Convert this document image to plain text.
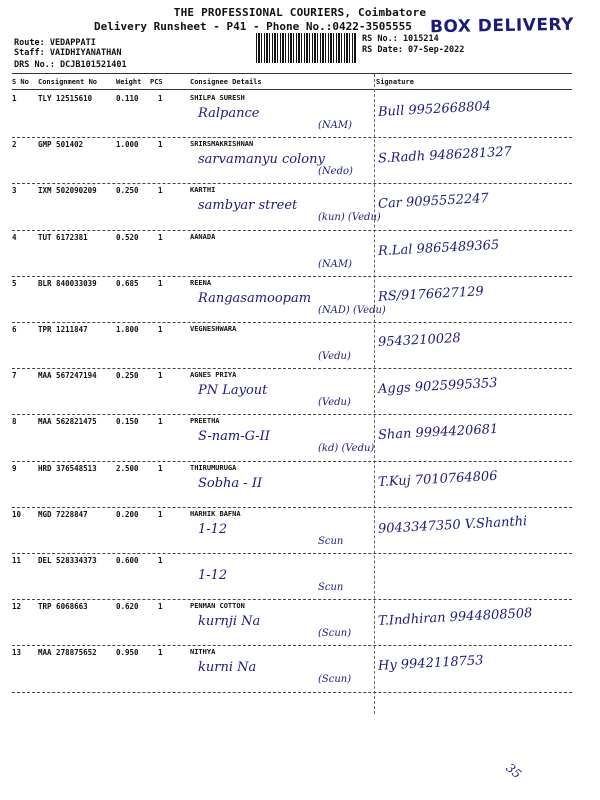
THE PROFESSIONAL COURIERS, Coimbatore
Delivery Runsheet - P41 - Phone No.:0422-3505555 BOX DELIVERY
Route: VEDAPPATI
Staff: VAIDHIYANATHAN
DRS No.: DCJB101521401
RS No.: 1015214
RS Date: 07-Sep-2022
S No Consignment No	Weight PCS	Consignee Details	Signature
1	TLY 12515610	0.110	1	SHILPA SURESH
Ralpance
(NAM)
Bull 9952668804
2	GMP 501402	1.000	1	SRIRSMAKRISHNAN
sarvamanyu colony
(Nedo)
S.Radh 9486281327
3	IXM 502090209	0.250	1	KARTHI
sambyar street
(kun) (Vedu)
Car 9095552247
4	TUT 6172381	0.520	1	AANADA
(NAM)
R.Lal 9865489365
5	BLR 840033039	0.685	1	REENA
Rangasamoopam
(NAD) (Vedu)
RS/9176627129
6	TPR 1211847	1.800	1	VEGNESHWARA
(Vedu)
9543210028
7	MAA 567247194	0.250	1	AGNES PRIYA
PN Layout
(Vedu)
Aggs 9025995353
8	MAA 562821475	0.150	1	PREETHA
S-nam-G-II
(kd) (Vedu)
Shan 9994420681
9	HRD 376548513	2.500	1	THIRUMURUGA
Sobha - II	T.Kuj 7010764806
10 MGD 7228847	0.200	1	HARHIK BAFNA
1-12
Scun
9043347350 V.Shanthi
11 DEL 528334373	0.600	1
1-12
Scun
12 TRP 6068663	0.620	1	PENMAN COTTON
kurnji Na
(Scun)
T.Indhiran 9944808508
13 MAA 278875652	0.950	1	NITHYA
kurni Na
(Scun)
Hy 9942118753
35
